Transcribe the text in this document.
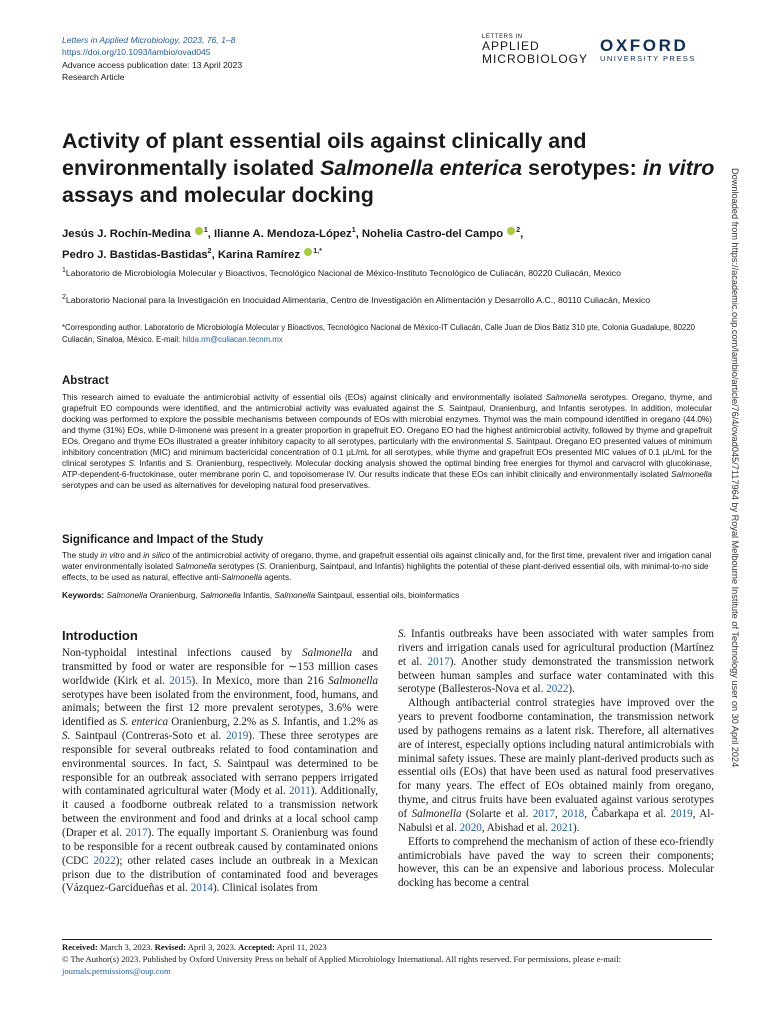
Letters in Applied Microbiology, 2023, 76, 1–8
https://doi.org/10.1093/lambio/ovad045
Advance access publication date: 13 April 2023
Research Article
LETTERS IN
APPLIED
MICROBIOLOGY
OXFORD
UNIVERSITY PRESS
Activity of plant essential oils against clinically and environmentally isolated Salmonella enterica serotypes: in vitro assays and molecular docking
Jesús J. Rochín-Medina $^1$, Ilianne A. Mendoza-López$^1$, Nohelia Castro-del Campo $^2$,
Pedro J. Bastidas-Bastidas$^2$, Karina Ramírez $^{1,*}$
$^1$Laboratorio de Microbiología Molecular y Bioactivos, Tecnológico Nacional de México-Instituto Tecnológico de Culiacán, 80220 Culiacán, Mexico
$^2$Laboratorio Nacional para la Investigación en Inocuidad Alimentaria, Centro de Investigación en Alimentación y Desarrollo A.C., 80110 Culiacán, Mexico
*Corresponding author. Laboratorio de Microbiología Molecular y Bioactivos, Tecnológico Nacional de México-IT Culiacán, Calle Juan de Dios Bátiz 310 pte, Colonia Guadalupe, 80220 Culiacán, Sinaloa, México. E-mail: hilda.rm@culiacan.tecnm.mx
Abstract
This research aimed to evaluate the antimicrobial activity of essential oils (EOs) against clinically and environmentally isolated Salmonella serotypes. Oregano, thyme, and grapefruit EO compounds were identified, and the antimicrobial activity was evaluated against the S. Saintpaul, Oranienburg, and Infantis serotypes. In addition, molecular docking was performed to explore the possible mechanisms between compounds of EOs with microbial enzymes. Thymol was the main compound identified in oregano (44.0%) and thyme (31%) EOs, while D-limonene was present in a greater proportion in grapefruit EO. Oregano EO had the highest antimicrobial activity, followed by thyme and grapefruit EOs. Oregano and thyme EOs illustrated a greater inhibitory capacity to all serotypes, particularly with the environmental S. Saintpaul. Oregano EO presented values of minimum inhibitory concentration (MIC) and minimum bactericidal concentration of 0.1 µL/mL for all serotypes, while thyme and grapefruit EOs presented MIC values of 0.1 µL/mL for the clinical serotypes S. Infantis and S. Oranienburg, respectively. Molecular docking analysis showed the optimal binding free energies for thymol and carvacrol with glucokinase, ATP-dependent-6-fructokinase, outer membrane porin C, and topoisomerase IV. Our results indicate that these EOs can inhibit clinically and environmentally isolated Salmonella serotypes and can be used as alternatives for developing natural food preservatives.
Significance and Impact of the Study
The study in vitro and in silico of the antimicrobial activity of oregano, thyme, and grapefruit essential oils against clinically and, for the first time, prevalent river and irrigation canal water environmentally isolated Salmonella serotypes (S. Oranienburg, Saintpaul, and Infantis) highlights the potential of these plant-derived essential oils, with minimal-to-no side effects, to be used as natural, effective anti-Salmonella agents.
Keywords: Salmonella Oranienburg, Salmonella Infantis, Salmonella Saintpaul, essential oils, bioinformatics
Introduction

Non-typhoidal intestinal infections caused by Salmonella and transmitted by food or water are responsible for ∼153 million cases worldwide (Kirk et al. 2015). In Mexico, more than 216 Salmonella serotypes have been isolated from the environment, food, humans, and animals; between the first 12 more prevalent serotypes, 3.6% were identified as S. enterica Oranienburg, 2.2% as S. Infantis, and 1.2% as S. Saintpaul (Contreras-Soto et al. 2019). These three serotypes are responsible for several outbreaks related to food contamination and environmental sources. In fact, S. Saintpaul was determined to be responsible for an outbreak associated with serrano peppers irrigated with contaminated agricultural water (Mody et al. 2011). Additionally, it caused a foodborne outbreak related to a transmission network between the environment and food and drinks at a local school camp (Draper et al. 2017). The equally important S. Oranienburg was found to be responsible for a recent outbreak caused by contaminated onions (CDC 2022); other related cases include an outbreak in a Mexican prison due to the distribution of contaminated food and beverages (Vázquez-Garcidueñas et al. 2014). Clinical isolates from

S. Infantis outbreaks have been associated with water samples from rivers and irrigation canals used for agricultural production (Martínez et al. 2017). Another study demonstrated the transmission network between human samples and surface water contaminated with this serotype (Ballesteros-Nova et al. 2022).

Although antibacterial control strategies have improved over the years to prevent foodborne contamination, the transmission network used by pathogens remains as a latent risk. Therefore, all alternatives are of interest, especially options including natural antimicrobials with minimal safety issues. These are mainly plant-derived products such as essential oils (EOs) that have been used as natural food preservatives for many years. The effect of EOs obtained mainly from oregano, thyme, and citrus fruits have been evaluated against various serotypes of Salmonella (Solarte et al. 2017, 2018, Čabarkapa et al. 2019, Al-Nabulsi et al. 2020, Abishad et al. 2021).

Efforts to comprehend the mechanism of action of these eco-friendly antimicrobials have paved the way to screen their components; however, this can be an expensive and laborious process. Molecular docking has become a central

Received: March 3, 2023. Revised: April 3, 2023. Accepted: April 11, 2023
© The Author(s) 2023. Published by Oxford University Press on behalf of Applied Microbiology International. All rights reserved. For permissions, please e-mail: journals.permissions@oup.com
Downloaded from https://academic.oup.com/lambio/article/76/4/ovad045/7117964 by Royal Melbourne Institute of Technology user on 30 April 2024
